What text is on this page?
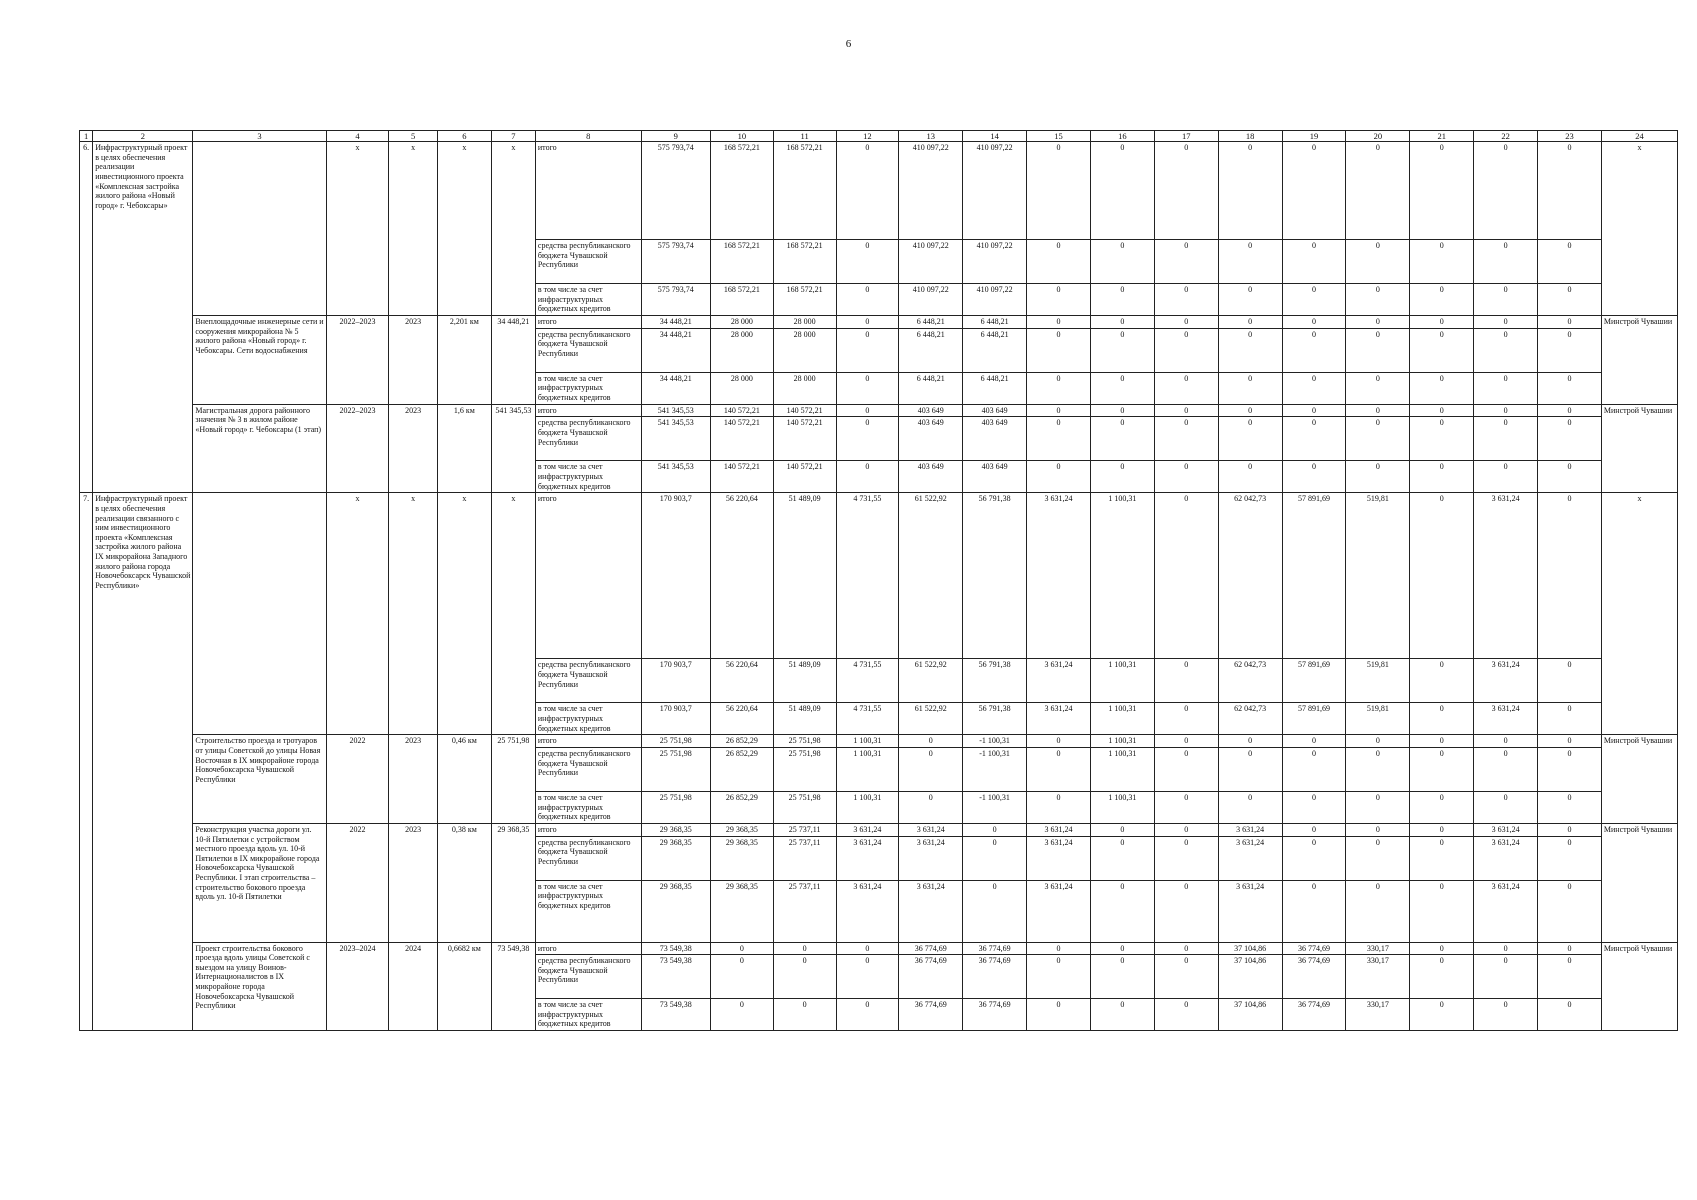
6
1	2	3	4	5	6	7	8	9	10	11	12	13	14	15	16	17	18	19	20	21	22	23	24
6.	Инфраструктурный проект в целях обеспечения реализации инвестиционного проекта «Комплексная застройка жилого района «Новый город» г. Чебоксары»		x	x	x	x	итого	575 793,74	168 572,21	168 572,21	0	410 097,22	410 097,22	0	0	0	0	0	0	0	0	0	x
							средства республиканского бюджета Чувашской Республики	575 793,74	168 572,21	168 572,21	0	410 097,22	410 097,22	0	0	0	0	0	0	0	0	0	
							в том числе за счет инфраструктурных бюджетных кредитов	575 793,74	168 572,21	168 572,21	0	410 097,22	410 097,22	0	0	0	0	0	0	0	0	0	
		Внеплощадочные инженерные сети и сооружения микрорайона № 5 жилого района «Новый город» г. Чебоксары. Сети водоснабжения	2022–2023	2023	2,201 км	34 448,21	итого	34 448,21	28 000	28 000	0	6 448,21	6 448,21	0	0	0	0	0	0	0	0	0	Минстрой Чувашии
							средства республиканского бюджета Чувашской Республики	34 448,21	28 000	28 000	0	6 448,21	6 448,21	0	0	0	0	0	0	0	0	0	
							в том числе за счет инфраструктурных бюджетных кредитов	34 448,21	28 000	28 000	0	6 448,21	6 448,21	0	0	0	0	0	0	0	0	0	
		Магистральная дорога районного значения № 3 в жилом районе «Новый город» г. Чебоксары (1 этап)	2022–2023	2023	1,6 км	541 345,53	итого	541 345,53	140 572,21	140 572,21	0	403 649	403 649	0	0	0	0	0	0	0	0	0	Минстрой Чувашии
							средства республиканского бюджета Чувашской Республики	541 345,53	140 572,21	140 572,21	0	403 649	403 649	0	0	0	0	0	0	0	0	0	
							в том числе за счет инфраструктурных бюджетных кредитов	541 345,53	140 572,21	140 572,21	0	403 649	403 649	0	0	0	0	0	0	0	0	0	
7.	Инфраструктурный проект в целях обеспечения реализации связанного с ним инвестиционного проекта «Комплексная застройка жилого района IX микрорайона Западного жилого района города Новочебоксарск Чувашской Республики»		x	x	x	x	итого	170 903,7	56 220,64	51 489,09	4 731,55	61 522,92	56 791,38	3 631,24	1 100,31	0	62 042,73	57 891,69	519,81	0	3 631,24	0	x
							средства республиканского бюджета Чувашской Республики	170 903,7	56 220,64	51 489,09	4 731,55	61 522,92	56 791,38	3 631,24	1 100,31	0	62 042,73	57 891,69	519,81	0	3 631,24	0	
							в том числе за счет инфраструктурных бюджетных кредитов	170 903,7	56 220,64	51 489,09	4 731,55	61 522,92	56 791,38	3 631,24	1 100,31	0	62 042,73	57 891,69	519,81	0	3 631,24	0	
		Строительство проезда и тротуаров от улицы Советской до улицы Новая Восточная в IX микрорайоне города Новочебоксарска Чувашской Республики	2022	2023	0,46 км	25 751,98	итого	25 751,98	26 852,29	25 751,98	1 100,31	0	-1 100,31	0	1 100,31	0	0	0	0	0	0	0	Минстрой Чувашии
							средства республиканского бюджета Чувашской Республики	25 751,98	26 852,29	25 751,98	1 100,31	0	-1 100,31	0	1 100,31	0	0	0	0	0	0	0	
							в том числе за счет инфраструктурных бюджетных кредитов	25 751,98	26 852,29	25 751,98	1 100,31	0	-1 100,31	0	1 100,31	0	0	0	0	0	0	0	
		Реконструкция участка дороги ул. 10-й Пятилетки с устройством местного проезда вдоль ул. 10-й Пятилетки в IX микрорайоне города Новочебоксарска Чувашской Республики. I этап строительства – строительство бокового проезда вдоль ул. 10-й Пятилетки	2022	2023	0,38 км	29 368,35	итого	29 368,35	29 368,35	25 737,11	3 631,24	3 631,24	0	3 631,24	0	0	3 631,24	0	0	0	3 631,24	0	Минстрой Чувашии
							средства республиканского бюджета Чувашской Республики	29 368,35	29 368,35	25 737,11	3 631,24	3 631,24	0	3 631,24	0	0	3 631,24	0	0	0	3 631,24	0	
							в том числе за счет инфраструктурных бюджетных кредитов	29 368,35	29 368,35	25 737,11	3 631,24	3 631,24	0	3 631,24	0	0	3 631,24	0	0	0	3 631,24	0	
		Проект строительства бокового проезда вдоль улицы Советской с выездом на улицу Воинов-Интернационалистов в IX микрорайоне города Новочебоксарска Чувашской Республики	2023–2024	2024	0,6682 км	73 549,38	итого	73 549,38	0	0	0	36 774,69	36 774,69	0	0	0	37 104,86	36 774,69	330,17	0	0	0	Минстрой Чувашии
							средства республиканского бюджета Чувашской Республики	73 549,38	0	0	0	36 774,69	36 774,69	0	0	0	37 104,86	36 774,69	330,17	0	0	0	
							в том числе за счет инфраструктурных бюджетных кредитов	73 549,38	0	0	0	36 774,69	36 774,69	0	0	0	37 104,86	36 774,69	330,17	0	0	0	
